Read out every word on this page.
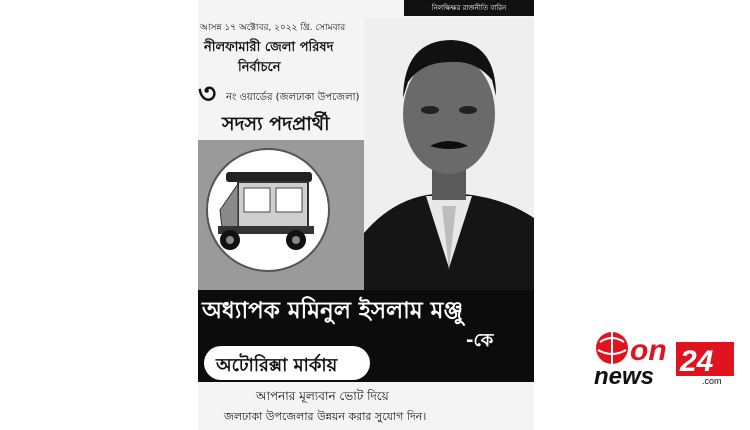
নিলক্ষিক্ষর রাজনীতি বারিন
আসন্ন ১৭ অক্টোবর, ২০২২ খ্রি. সোমবার
নীলফামারী জেলা পরিষদ
নির্বাচনে
৩ নং ওয়ার্ডের (জলঢাকা উপজেলা)
সদস্য পদপ্রার্থী
অধ্যাপক মমিনুল ইসলাম মঞ্জু
-কে
অটোরিক্সা মার্কায়
আপনার মূল্যবান ভোট দিয়ে
জলঢাকা উপজেলার উন্নয়ন করার সুযোগ দিন।
on
news 24
.com
